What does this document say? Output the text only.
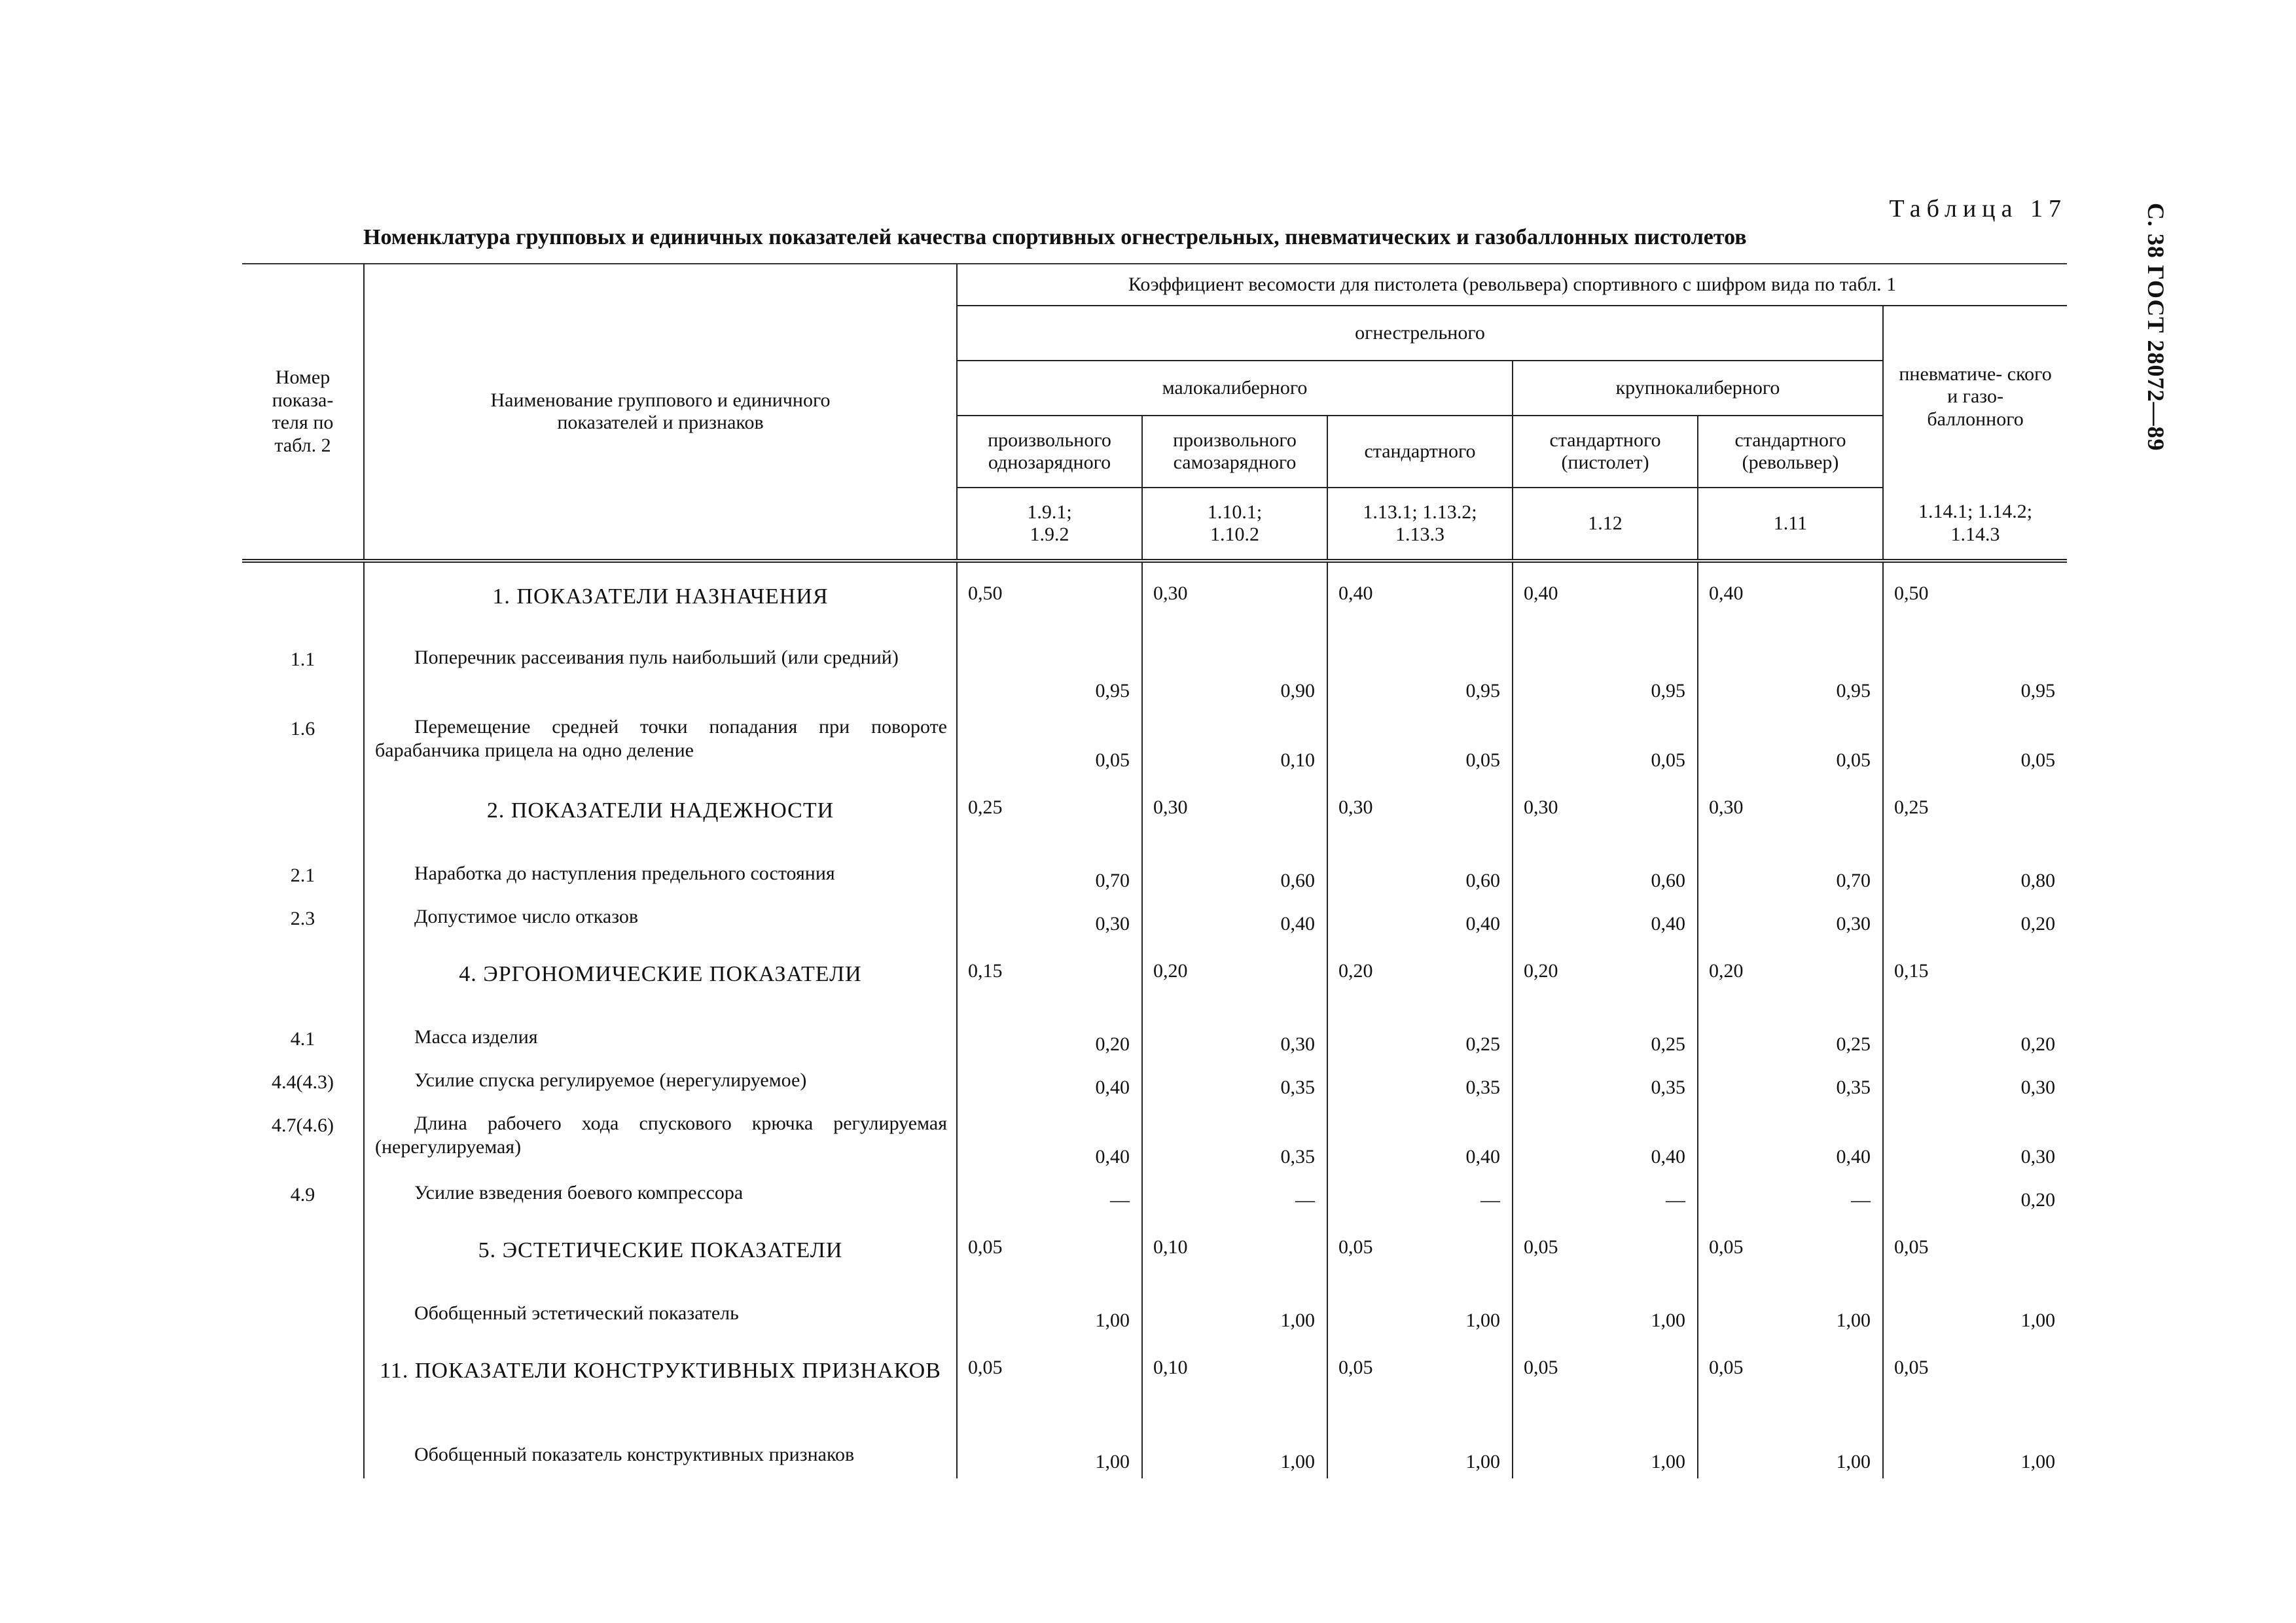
С. 38 ГОСТ 28072—89
Таблица 17
Номенклатура групповых и единичных показателей качества спортивных огнестрельных, пневматических и газобаллонных пистолетов
Номер показа- теля по табл. 2	Наименование группового и единичного показателей и признаков	Коэффициент весомости для пистолета (револьвера) спортивного с шифром вида по табл. 1					
		огнестрельного					пневматиче- ского и газо- баллонного
		малокалиберного			крупнокалиберного		
		произвольного однозарядного	произвольного самозарядного	стандартного	стандартного (пистолет)	стандартного (револьвер)	
		1.9.1; 1.9.2	1.10.1; 1.10.2	1.13.1; 1.13.2; 1.13.3	1.12	1.11	1.14.1; 1.14.2; 1.14.3
	1. ПОКАЗАТЕЛИ НАЗНАЧЕНИЯ	0,50	0,30	0,40	0,40	0,40	0,50
1.1	Поперечник рассеивания пуль наибольший (или средний)	0,95	0,90	0,95	0,95	0,95	0,95
1.6	Перемещение средней точки попадания при повороте барабанчика прицела на одно деление	0,05	0,10	0,05	0,05	0,05	0,05
	2. ПОКАЗАТЕЛИ НАДЕЖНОСТИ	0,25	0,30	0,30	0,30	0,30	0,25
2.1	Наработка до наступления предельного состояния	0,70	0,60	0,60	0,60	0,70	0,80
2.3	Допустимое число отказов	0,30	0,40	0,40	0,40	0,30	0,20
	4. ЭРГОНОМИЧЕСКИЕ ПОКАЗАТЕЛИ	0,15	0,20	0,20	0,20	0,20	0,15
4.1	Масса изделия	0,20	0,30	0,25	0,25	0,25	0,20
4.4(4.3)	Усилие спуска регулируемое (нерегулируемое)	0,40	0,35	0,35	0,35	0,35	0,30
4.7(4.6)	Длина рабочего хода спускового крючка регулируемая (нерегулируемая)	0,40	0,35	0,40	0,40	0,40	0,30
4.9	Усилие взведения боевого компрессора	—	—	—	—	—	0,20
	5. ЭСТЕТИЧЕСКИЕ ПОКАЗАТЕЛИ	0,05	0,10	0,05	0,05	0,05	0,05
	Обобщенный эстетический показатель	1,00	1,00	1,00	1,00	1,00	1,00
	11. ПОКАЗАТЕЛИ КОНСТРУКТИВНЫХ ПРИЗНАКОВ	0,05	0,10	0,05	0,05	0,05	0,05
	Обобщенный показатель конструктивных признаков	1,00	1,00	1,00	1,00	1,00	1,00
